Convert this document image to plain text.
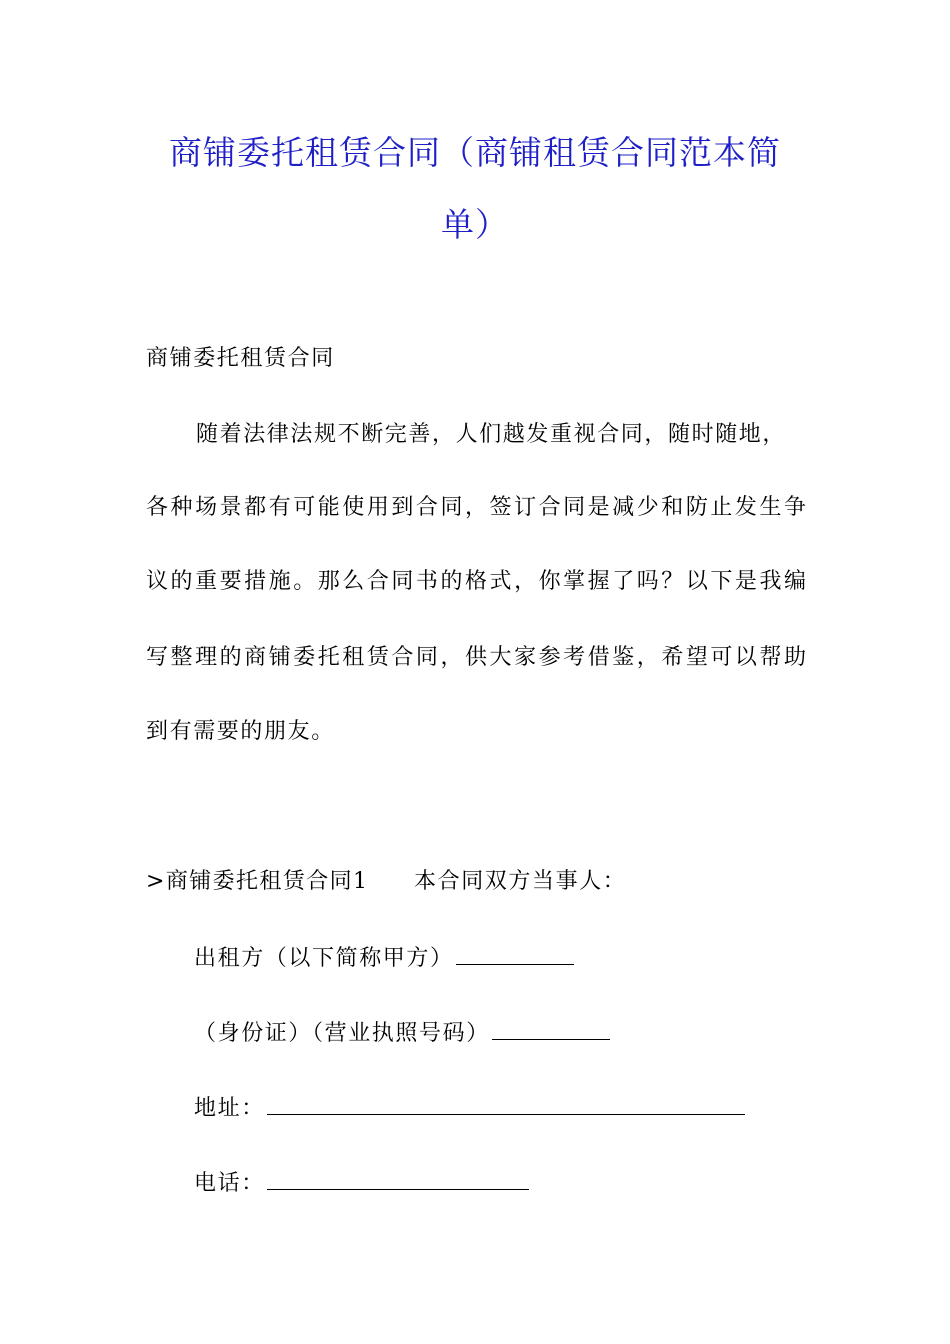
商铺委托租赁合同（商铺租赁合同范本简
单）
商铺委托租赁合同
随着法律法规不断完善，人们越发重视合同，随时随地，
各种场景都有可能使用到合同，签订合同是减少和防止发生争
议的重要措施。那么合同书的格式，你掌握了吗？以下是我编
写整理的商铺委托租赁合同，供大家参考借鉴，希望可以帮助
到有需要的朋友。
>商铺委托租赁合同1 本合同双方当事人：
出租方（以下简称甲方）
（身份证）（营业执照号码）
地址：
电话：
